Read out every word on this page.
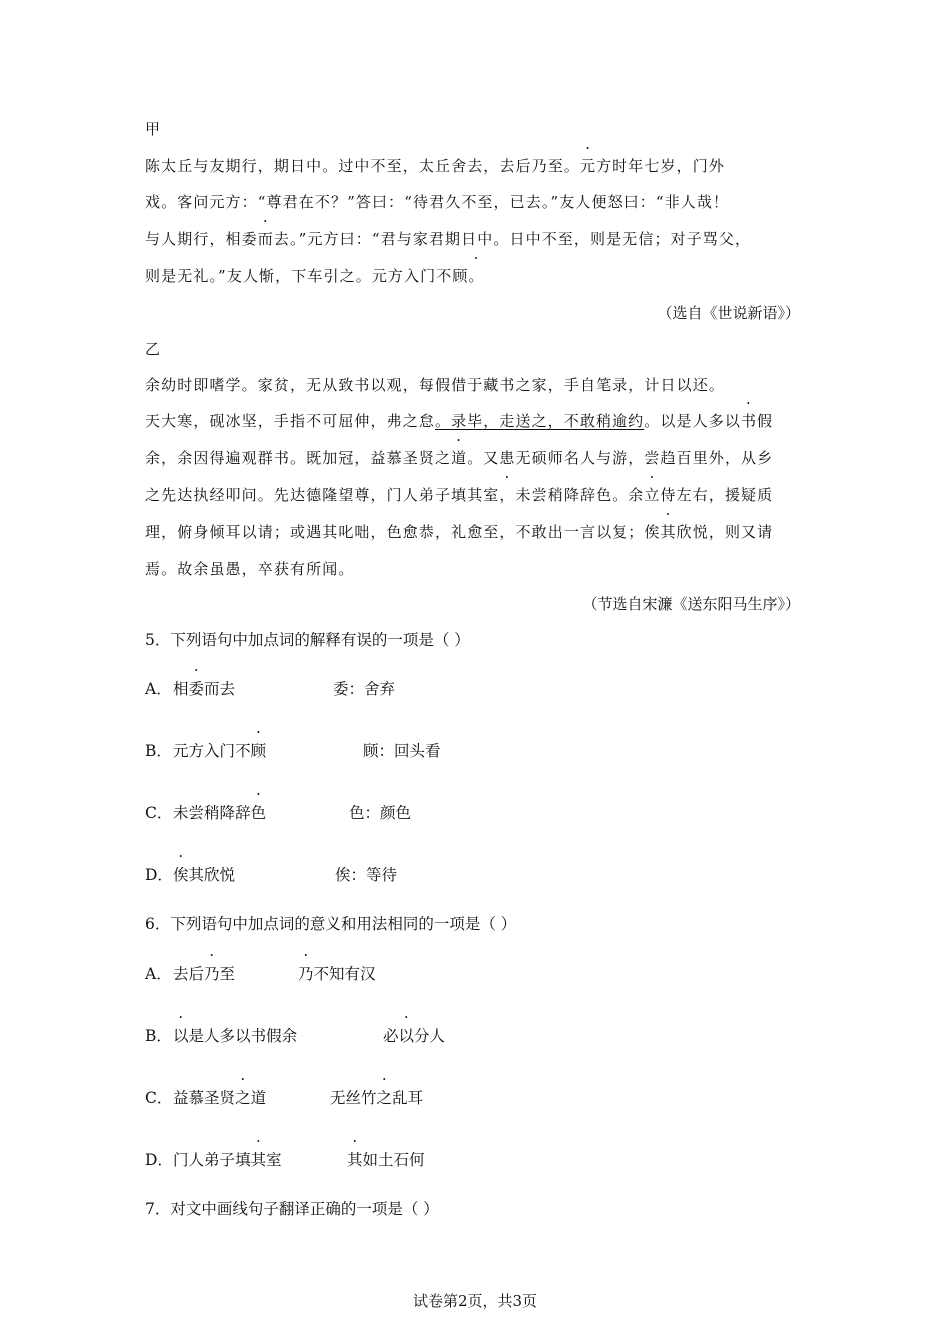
甲
陈太丘与友期行，期日中。过中不至，太丘舍去，去后乃至。元方时年七岁，门外
戏。客问元方：“尊君在不？”答曰：“待君久不至，已去。”友人便怒曰：“非人哉！
与人期行，相委而去。”元方曰：“君与家君期日中。日中不至，则是无信；对子骂父，
则是无礼。”友人惭，下车引之。元方入门不顾· 。
（选自《世说新语》）
乙
余幼时即嗜学。家贫，无从致书以观，每假借于藏书之家，手自笔录，计日以还。
天大寒，砚冰坚，手指不可屈伸，弗之怠。录毕，走送之，不敢稍逾约。以是人多以书假
余，余因得遍观群书。既加冠，益慕圣贤之道。又患无硕师名人与游，尝趋百里外，从乡
之先达执经叩问。先达德隆望尊，门人弟子填其室· ，未尝稍降辞色。余立侍左右，援疑质
理，俯身倾耳以请；或遇其叱咄，色愈恭，礼愈至，不敢出一言以复；俟其欣悦，则又请
焉。故余虽愚，卒获有所闻。
（节选自宋濂《送东阳马生序》）
5．下列语句中加点词的解释有误的一项是（ ）
A．相委而去	委：舍弃
B．元方入门不顾	顾：回头看
C．未尝稍降辞色	色：颜色
D．俟其欣悦	俟：等待
6．下列语句中加点词的意义和用法相同的一项是（ ）
A．去后乃至	乃不知有汉
B．以是人多以书假余	必以分人
C．益慕圣贤之道	无丝竹之乱耳
D．门人弟子填其室	其如土石何
7．对文中画线句子翻译正确的一项是（ ）
试卷第2页，共3页
